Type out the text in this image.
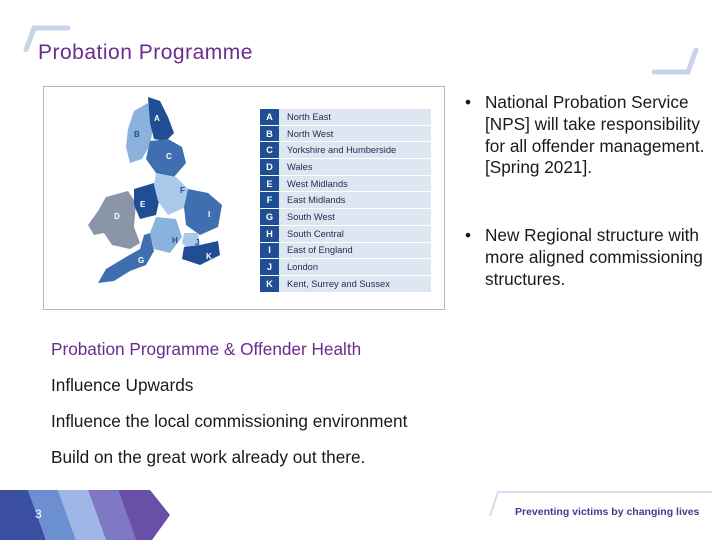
Probation Programme
A
B
C
D
E
F
G
H
I
J
K
A	North East
B	North West
C	Yorkshire and Humberside
D	Wales
E	West Midlands
F	East Midlands
G	South West
H	South Central
I	East of England
J	London
K	Kent, Surrey and Sussex
• National Probation Service [NPS] will take responsibility for all offender management. [Spring 2021].
• New Regional structure with more aligned commissioning structures.
Probation Programme & Offender Health
Influence Upwards
Influence the local commissioning environment
Build on the great work already out there.
3	Preventing victims by changing lives
